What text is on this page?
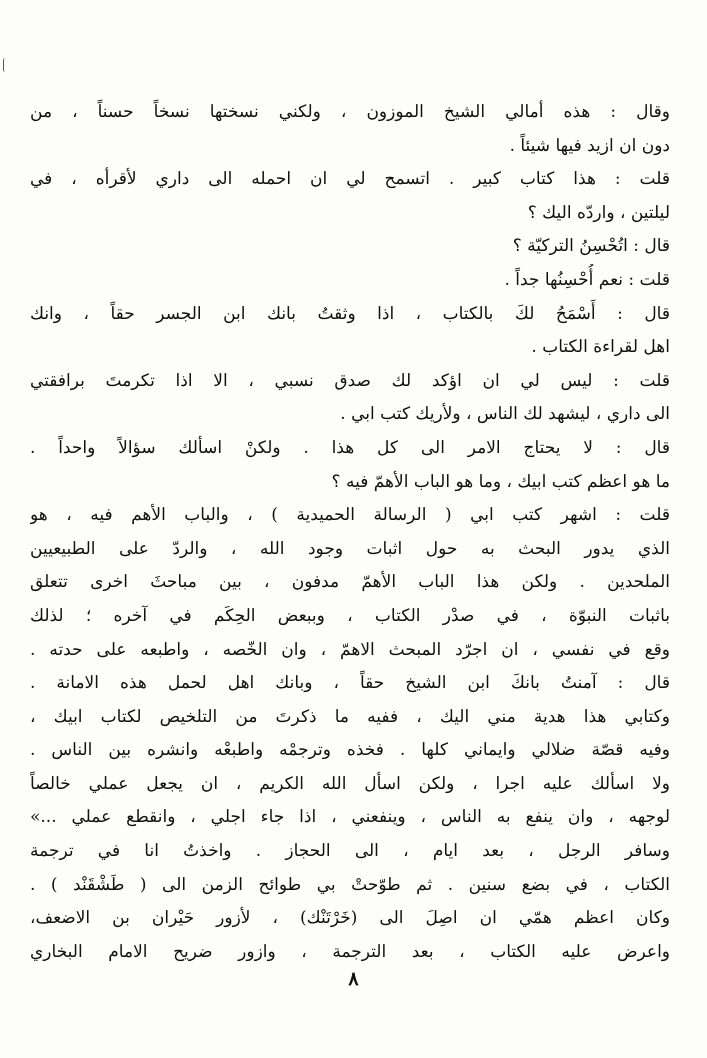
وقال : هذه أمالي الشيخ الموزون ، ولكني نسختها نسخاً حسناً ، من
دون ان ازيد فيها شيئاً .
قلت : هذا كتاب كبير . اتسمح لي ان احمله الى داري لأقرأه ، في
ليلتين ، واردّه اليك ؟
قال : اتُحْسِنُ التركيّة ؟
قلت : نعم أُحْسِنُها جداً .
قال : أَسْمَحُ لكَ بالكتاب ، اذا وثقتُ بانك ابن الجسر حقاً ، وانك
اهل لقراءة الكتاب .
قلت : ليس لي ان اؤكد لك صدق نسبي ، الا اذا تكرمتَ برافقتي
الى داري ، ليشهد لك الناس ، ولأريك كتب ابي .
قال : لا يحتاج الامر الى كل هذا . ولكنْ اسألك سؤالاً واحداً .
ما هو اعظم كتب ابيك ، وما هو الباب الأهمّ فيه ؟
قلت : اشهر كتب ابي ( الرسالة الحميدية ) ، والباب الأهم فيه ، هو
الذي يدور البحث به حول اثبات وجود الله ، والردّ على الطبيعيين
الملحدين . ولكن هذا الباب الأهمّ مدفون ، بين مباحثَ اخرى تتعلق
باثبات النبوّة ، في صدْر الكتاب ، وببعض الحِكَم في آخره ؛ لذلك
وقع في نفسي ، ان اجرّد المبحث الاهمّ ، وان الخّصه ، واطبعه على حدته .
قال : آمنتُ بانكَ ابن الشيخ حقاً ، وبانك اهل لحمل هذه الامانة .
وكتابي هذا هدية مني اليك ، ففيه ما ذكرتَ من التلخيص لكتاب ابيك ،
وفيه قصّة ضلالي وايماني كلها . فخذه وترجمْه واطبعْه وانشره بين الناس .
ولا اسألك عليه اجرا ، ولكن اسأل الله الكريم ، ان يجعل عملي خالصاً
لوجهه ، وان ينفع به الناس ، وينفعني ، اذا جاء اجلي ، وانقطع عملي ...»
وسافر الرجل ، بعد ايام ، الى الحجاز . واخذتُ انا في ترجمة
الكتاب ، في بضع سنين . ثم طوّحتْ بي طوائح الزمن الى ( طَشْقَنْد ) .
وكان اعظم همّي ان اصِلَ الى (خَرْتَنْك) ، لأزور حَيْران بن الاضعف،
واعرض عليه الكتاب ، بعد الترجمة ، وازور ضريح الامام البخاري
٨
